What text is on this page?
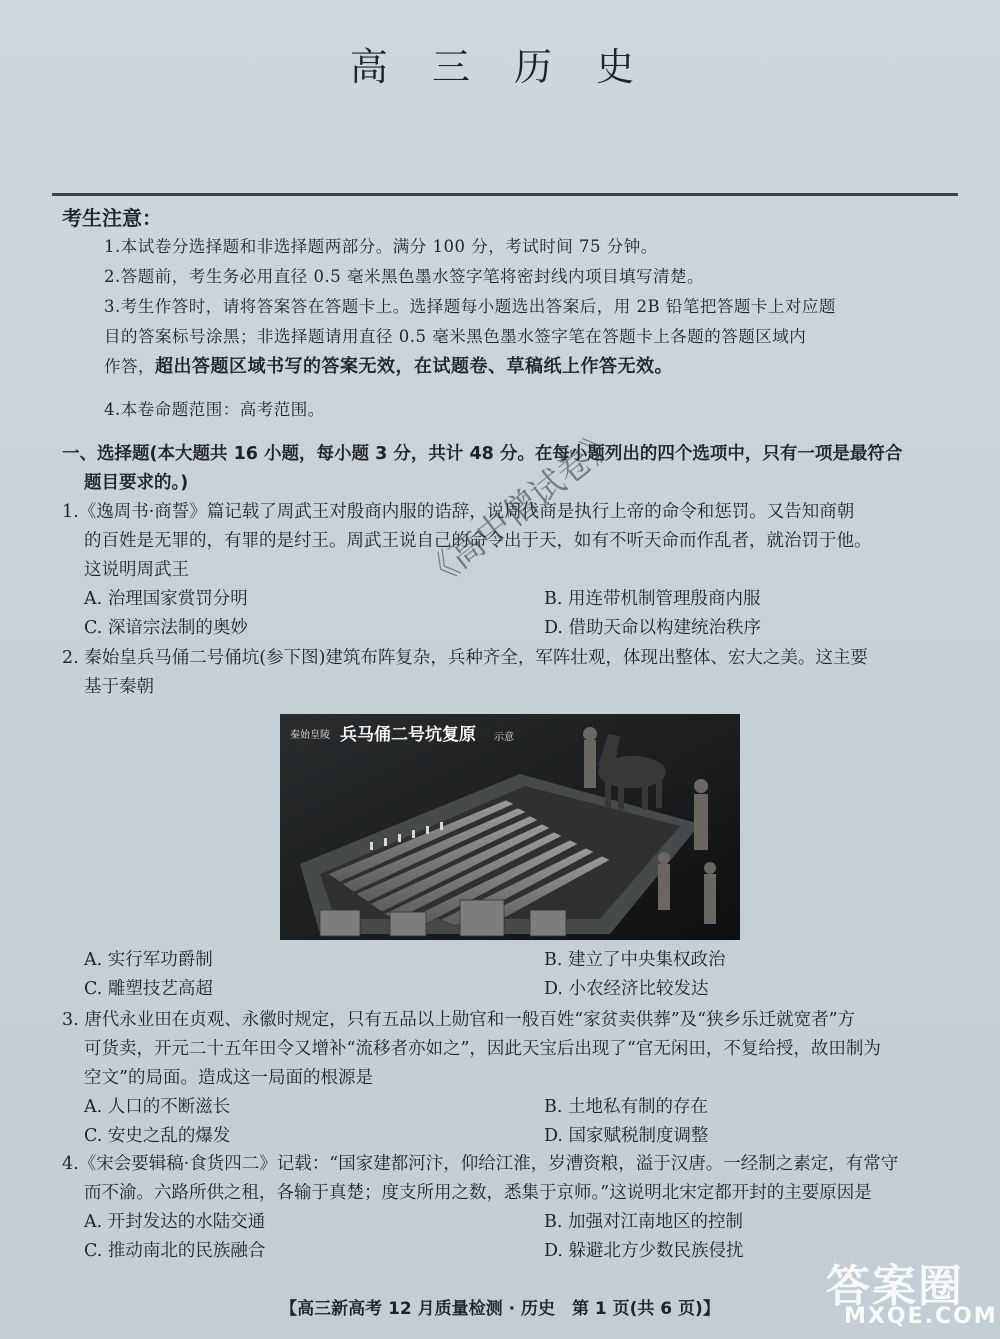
高 三 历 史
考生注意：
1.本试卷分选择题和非选择题两部分。满分 100 分，考试时间 75 分钟。
2.答题前，考生务必用直径 0.5 毫米黑色墨水签字笔将密封线内项目填写清楚。
3.考生作答时，请将答案答在答题卡上。选择题每小题选出答案后，用 2B 铅笔把答题卡上对应题
目的答案标号涂黑；非选择题请用直径 0.5 毫米黑色墨水签字笔在答题卡上各题的答题区域内
作答，超出答题区域书写的答案无效，在试题卷、草稿纸上作答无效。
4.本卷命题范围：高考范围。
一、选择题(本大题共 16 小题，每小题 3 分，共计 48 分。在每小题列出的四个选项中，只有一项是最符合
题目要求的。)
1.《逸周书·商誓》篇记载了周武王对殷商内服的诰辞，说周伐商是执行上帝的命令和惩罚。又告知商朝
的百姓是无罪的，有罪的是纣王。周武王说自己的命令出于天，如有不听天命而作乱者，就治罚于他。
这说明周武王
A. 治理国家赏罚分明	B. 用连带机制管理殷商内服
C. 深谙宗法制的奥妙	D. 借助天命以构建统治秩序
2. 秦始皇兵马俑二号俑坑(参下图)建筑布阵复杂，兵种齐全，军阵壮观，体现出整体、宏大之美。这主要
基于秦朝
秦始皇陵 兵马俑二号坑复原 示意
A. 实行军功爵制	B. 建立了中央集权政治
C. 雕塑技艺高超	D. 小农经济比较发达
3. 唐代永业田在贞观、永徽时规定，只有五品以上勋官和一般百姓“家贫卖供葬”及“狭乡乐迁就宽者”方
可货卖，开元二十五年田令又增补“流移者亦如之”，因此天宝后出现了“官无闲田，不复给授，故田制为
空文”的局面。造成这一局面的根源是
A. 人口的不断滋长	B. 土地私有制的存在
C. 安史之乱的爆发	D. 国家赋税制度调整
4.《宋会要辑稿·食货四二》记载：“国家建都河汴，仰给江淮，岁漕资粮，溢于汉唐。一经制之素定，有常守
而不渝。六路所供之租，各输于真楚；度支所用之数，悉集于京师。”这说明北宋定都开封的主要原因是
A. 开封发达的水陆交通	B. 加强对江南地区的控制
C. 推动南北的民族融合	D. 躲避北方少数民族侵扰
《高中僧试卷》
【高三新高考 12 月质量检测 · 历史　第 1 页(共 6 页)】	答案圈
MXQE.COM
